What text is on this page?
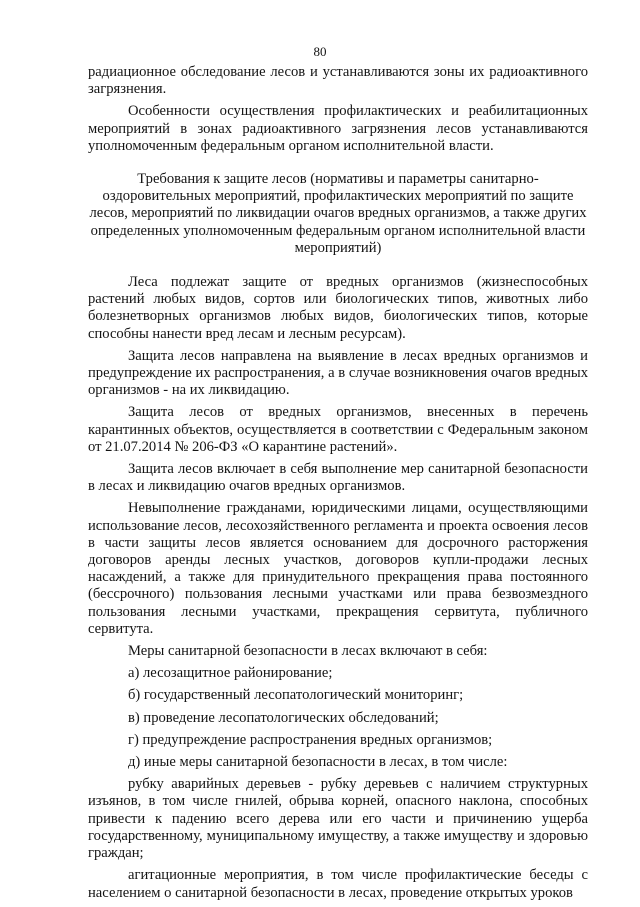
80

радиационное обследование лесов и устанавливаются зоны их радиоактивного загрязнения.

Особенности осуществления профилактических и реабилитационных мероприятий в зонах радиоактивного загрязнения лесов устанавливаются уполномоченным федеральным органом исполнительной власти.

Требования к защите лесов (нормативы и параметры санитарно-оздоровительных мероприятий, профилактических мероприятий по защите лесов, мероприятий по ликвидации очагов вредных организмов, а также других определенных уполномоченным федеральным органом исполнительной власти мероприятий)

Леса подлежат защите от вредных организмов (жизнеспособных растений любых видов, сортов или биологических типов, животных либо болезнетворных организмов любых видов, биологических типов, которые способны нанести вред лесам и лесным ресурсам).

Защита лесов направлена на выявление в лесах вредных организмов и предупреждение их распространения, а в случае возникновения очагов вредных организмов - на их ликвидацию.

Защита лесов от вредных организмов, внесенных в перечень карантинных объектов, осуществляется в соответствии с Федеральным законом от 21.07.2014 № 206-ФЗ «О карантине растений».

Защита лесов включает в себя выполнение мер санитарной безопасности в лесах и ликвидацию очагов вредных организмов.

Невыполнение гражданами, юридическими лицами, осуществляющими использование лесов, лесохозяйственного регламента и проекта освоения лесов в части защиты лесов является основанием для досрочного расторжения договоров аренды лесных участков, договоров купли-продажи лесных насаждений, а также для принудительного прекращения права постоянного (бессрочного) пользования лесными участками или права безвозмездного пользования лесными участками, прекращения сервитута, публичного сервитута.

Меры санитарной безопасности в лесах включают в себя:

а) лесозащитное районирование;

б) государственный лесопатологический мониторинг;

в) проведение лесопатологических обследований;

г) предупреждение распространения вредных организмов;

д) иные меры санитарной безопасности в лесах, в том числе:

рубку аварийных деревьев - рубку деревьев с наличием структурных изъянов, в том числе гнилей, обрыва корней, опасного наклона, способных привести к падению всего дерева или его части и причинению ущерба государственному, муниципальному имуществу, а также имуществу и здоровью граждан;

агитационные мероприятия, в том числе профилактические беседы с населением о санитарной безопасности в лесах, проведение открытых уроков
